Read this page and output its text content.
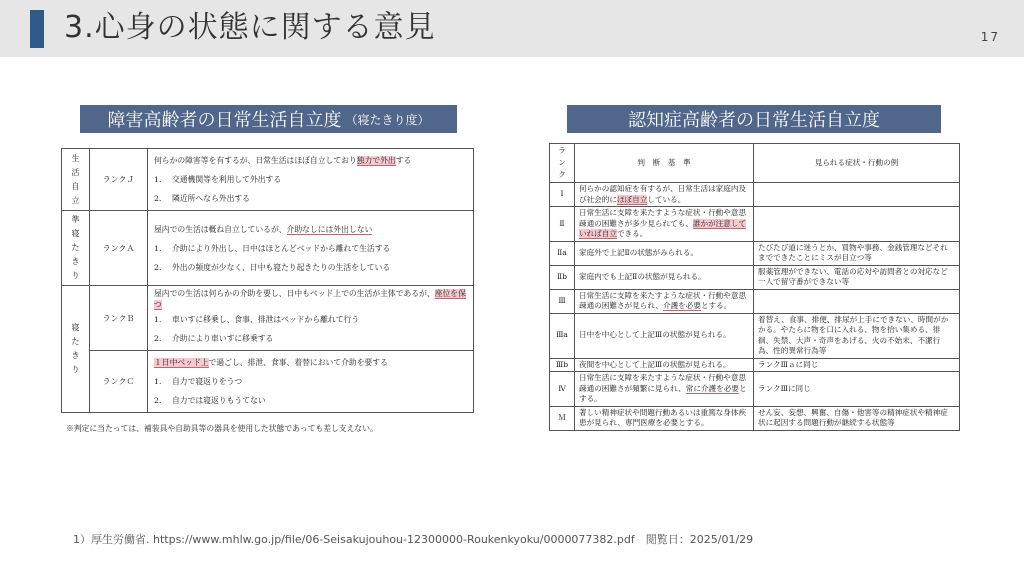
3.心身の状態に関する意見	17
障害高齢者の日常生活自立度 （寝たきり度）	認知症高齢者の日常生活自立度
生活自立	ランクＪ	何らかの障害等を有するが、日常生活はほぼ自立しており独力で外出する
1. 交通機関等を利用して外出する
2. 隣近所へなら外出する

準寝たきり	ランクＡ	屋内での生活は概ね自立しているが、介助なしには外出しない
1. 介助により外出し、日中はほとんどベッドから離れて生活する
2. 外出の頻度が少なく、日中も寝たり起きたりの生活をしている

寝たきり	ランクＢ	屋内での生活は何らかの介助を要し、日中もベッド上での生活が主体であるが、座位を保つ
1. 車いすに移乗し、食事、排泄はベッドから離れて行う
2. 介助により車いすに移乗する

	ランクＣ	１日中ベッド上で過ごし、排泄、食事、着替において介助を要する
1. 自力で寝返りをうつ
2. 自力では寝返りもうてない
※判定に当たっては、補装具や自助具等の器具を使用した状態であっても差し支えない。
ランク	判　断　基　準	見られる症状・行動の例
Ⅰ	何らかの認知症を有するが、日常生活は家庭内及び社会的にほぼ自立している。	
Ⅱ	日常生活に支障を来たすような症状・行動や意思疎通の困難さが多少見られても、誰かが注意していれば自立できる。	
Ⅱa	家庭外で上記Ⅱの状態がみられる。	たびたび道に迷うとか、買物や事務、金銭管理などそれまでできたことにミスが目立つ等
Ⅱb	家庭内でも上記Ⅱの状態が見られる。	服薬管理ができない、電話の応対や訪問者との対応など一人で留守番ができない等
Ⅲ	日常生活に支障を来たすような症状・行動や意思疎通の困難さが見られ、介護を必要とする。	
Ⅲa	日中を中心として上記Ⅲの状態が見られる。	着替え、食事、排便、排尿が上手にできない、時間がかかる。やたらに物を口に入れる、物を拾い集める、徘徊、失禁、大声・奇声をあげる、火の不始末、不潔行為、性的異常行為等
Ⅲb	夜間を中心として上記Ⅲの状態が見られる。	ランクⅢａに同じ
Ⅳ	日常生活に支障を来たすような症状・行動や意思疎通の困難さが頻繁に見られ、常に介護を必要とする。	ランクⅢに同じ
Ｍ	著しい精神症状や問題行動あるいは重篤な身体疾患が見られ、専門医療を必要とする。	せん妄、妄想、興奮、自傷・他害等の精神症状や精神症状に起因する問題行動が継続する状態等
1）厚生労働省. https://www.mhlw.go.jp/file/06-Seisakujouhou-12300000-Roukenkyoku/0000077382.pdf　閲覧日：2025/01/29
